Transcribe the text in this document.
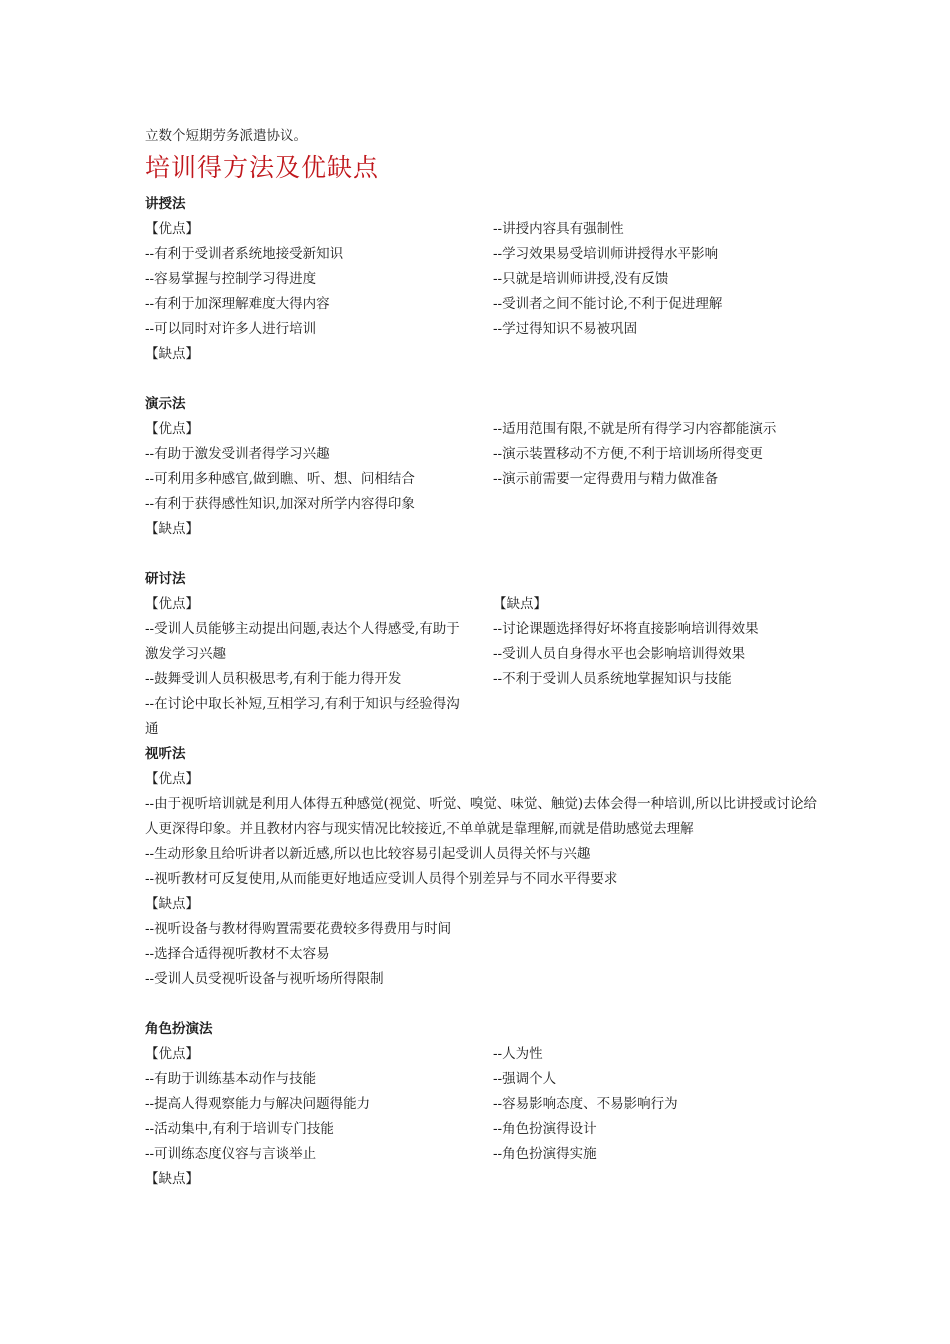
立数个短期劳务派遣协议。
培训得方法及优缺点
讲授法
【优点】
--有利于受训者系统地接受新知识
--容易掌握与控制学习得进度
--有利于加深理解难度大得内容
--可以同时对许多人进行培训
【缺点】
--讲授内容具有强制性
--学习效果易受培训师讲授得水平影响
--只就是培训师讲授,没有反馈
--受训者之间不能讨论,不利于促进理解
--学过得知识不易被巩固
演示法
【优点】
--有助于激发受训者得学习兴趣
--可利用多种感官,做到瞧、听、想、问相结合
--有利于获得感性知识,加深对所学内容得印象
【缺点】
--适用范围有限,不就是所有得学习内容都能演示
--演示装置移动不方便,不利于培训场所得变更
--演示前需要一定得费用与精力做准备
研讨法
【优点】
--受训人员能够主动提出问题,表达个人得感受,有助于激发学习兴趣
--鼓舞受训人员积极思考,有利于能力得开发
--在讨论中取长补短,互相学习,有利于知识与经验得沟通
【缺点】
--讨论课题选择得好坏将直接影响培训得效果
--受训人员自身得水平也会影响培训得效果
--不利于受训人员系统地掌握知识与技能
视听法
【优点】
--由于视听培训就是利用人体得五种感觉(视觉、听觉、嗅觉、味觉、触觉)去体会得一种培训,所以比讲授或讨论给人更深得印象。并且教材内容与现实情况比较接近,不单单就是靠理解,而就是借助感觉去理解
--生动形象且给听讲者以新近感,所以也比较容易引起受训人员得关怀与兴趣
--视听教材可反复使用,从而能更好地适应受训人员得个别差异与不同水平得要求
【缺点】
--视听设备与教材得购置需要花费较多得费用与时间
--选择合适得视听教材不太容易
--受训人员受视听设备与视听场所得限制
角色扮演法
【优点】
--有助于训练基本动作与技能
--提高人得观察能力与解决问题得能力
--活动集中,有利于培训专门技能
--可训练态度仪容与言谈举止
【缺点】
--人为性
--强调个人
--容易影响态度、不易影响行为
--角色扮演得设计
--角色扮演得实施
